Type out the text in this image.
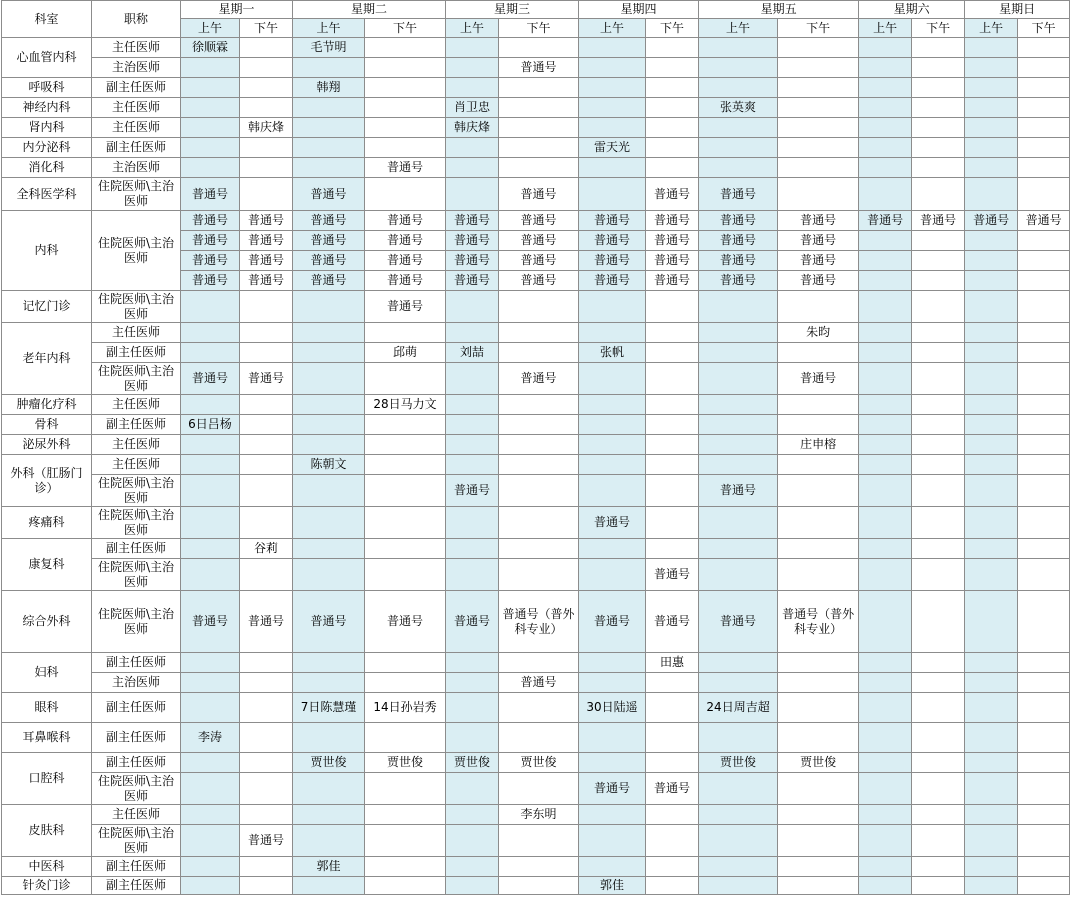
科室	职称	星期一		星期二		星期三		星期四		星期五		星期六		星期日	
		上午	下午	上午	下午	上午	下午	上午	下午	上午	下午	上午	下午	上午	下午
心血管内科	主任医师	徐顺霖		毛节明											
	主治医师						普通号								
呼吸科	副主任医师			韩翔											
神经内科	主任医师					肖卫忠				张英爽					
肾内科	主任医师		韩庆烽			韩庆烽									
内分泌科	副主任医师							雷天光							
消化科	主治医师				普通号										
全科医学科	住院医师\主治医师	普通号		普通号			普通号		普通号	普通号					
内科	住院医师\主治医师	普通号	普通号	普通号	普通号	普通号	普通号	普通号	普通号	普通号	普通号	普通号	普通号	普通号	普通号
		普通号	普通号	普通号	普通号	普通号	普通号	普通号	普通号	普通号	普通号				
		普通号	普通号	普通号	普通号	普通号	普通号	普通号	普通号	普通号	普通号				
		普通号	普通号	普通号	普通号	普通号	普通号	普通号	普通号	普通号	普通号				
记忆门诊	住院医师\主治医师				普通号										
老年内科	主任医师										朱昀				
	副主任医师				邱萌	刘喆		张帆							
	住院医师\主治医师	普通号	普通号				普通号				普通号				
肿瘤化疗科	主任医师				28日马力文										
骨科	副主任医师	6日吕杨													
泌尿外科	主任医师										庄申榕				
外科（肛肠门诊）	主任医师			陈朝文											
	住院医师\主治医师					普通号				普通号					
疼痛科	住院医师\主治医师							普通号							
康复科	副主任医师		谷莉												
	住院医师\主治医师								普通号						
综合外科	住院医师\主治医师	普通号	普通号	普通号	普通号	普通号	普通号（普外科专业）	普通号	普通号	普通号	普通号（普外科专业）				
妇科	副主任医师								田惠						
	主治医师						普通号								
眼科	副主任医师			7日陈慧瑾	14日孙岩秀			30日陆遥		24日周吉超					
耳鼻喉科	副主任医师	李涛													
口腔科	副主任医师			贾世俊	贾世俊	贾世俊	贾世俊			贾世俊	贾世俊				
	住院医师\主治医师							普通号	普通号						
皮肤科	主任医师						李东明								
	住院医师\主治医师		普通号												
中医科	副主任医师			郭佳											
针灸门诊	副主任医师							郭佳							
